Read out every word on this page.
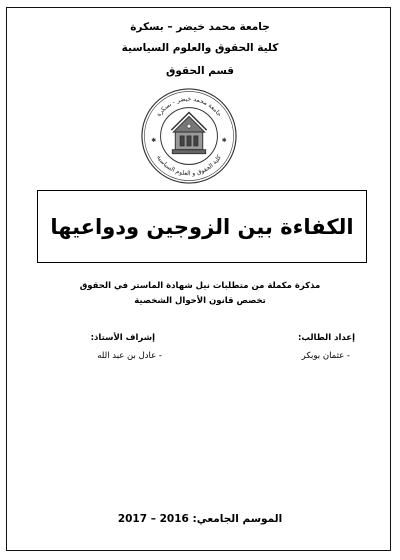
جامعة محمد خيضر – بسكرة
كلية الحقوق والعلوم السياسية
قسم الحقوق
جامعة محمد خيضر - بسكرة
كلية الحقوق و العلوم السياسية
✱	✱
الكفاءة بين الزوجين ودواعيها
مذكرة مكملة من متطلبات نيل شهادة الماستر في الحقوق
تخصص قانون الأحوال الشخصية
إعداد الطالب:
إشراف الأستاذ:
- عثمان بوبكر
- عادل بن عبد الله
الموسم الجامعي: 2016 – 2017
